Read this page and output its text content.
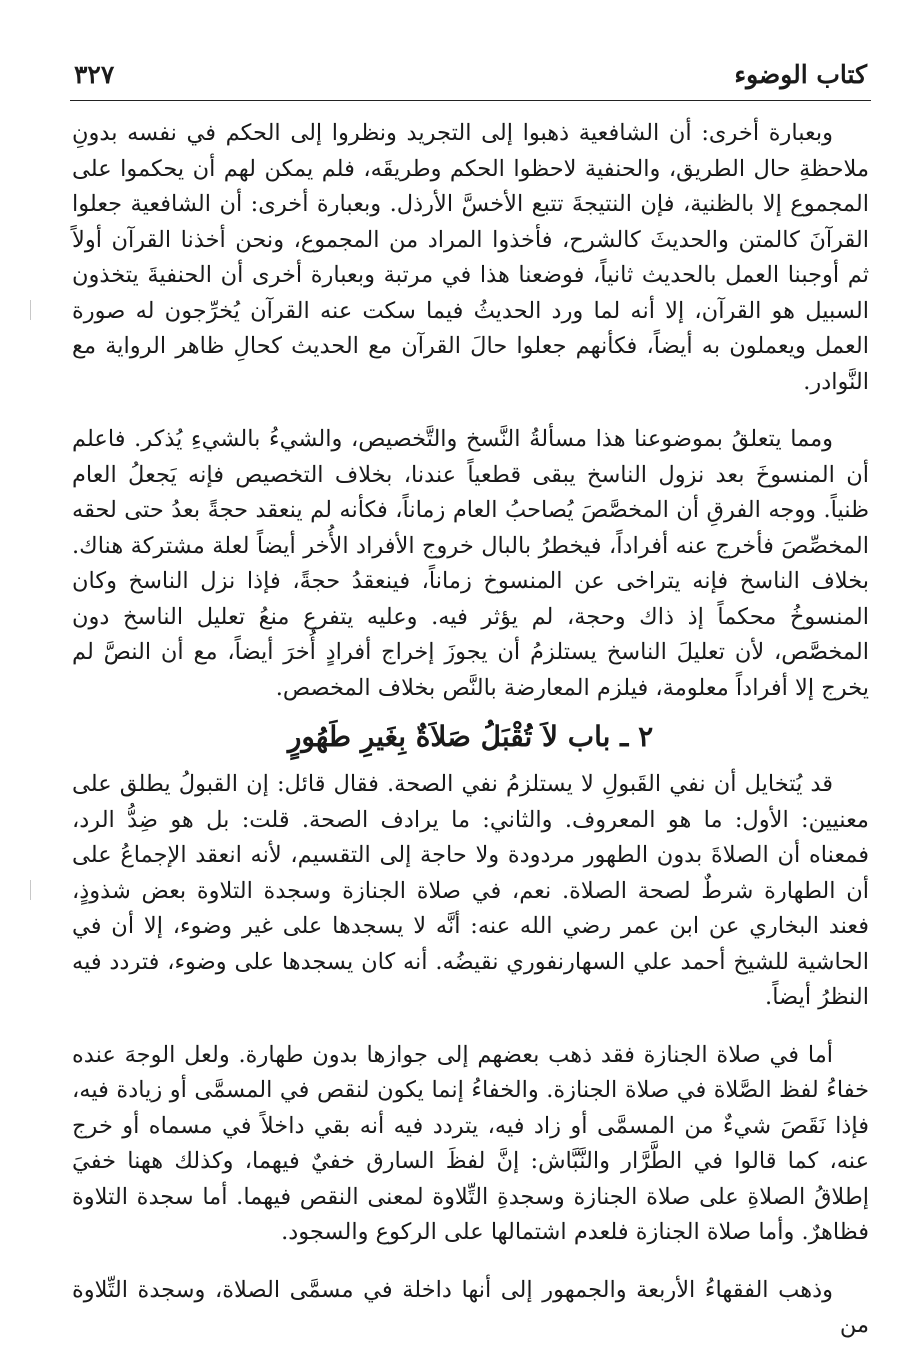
كتاب الوضوء
٣٢٧

وبعبارة أخرى: أن الشافعية ذهبوا إلى التجريد ونظروا إلى الحكم في نفسه بدونِ ملاحظةِ حال الطريق، والحنفية لاحظوا الحكم وطريقَه، فلم يمكن لهم أن يحكموا على المجموع إلا بالظنية، فإن النتيجةَ تتبع الأخسَّ الأرذل. وبعبارة أخرى: أن الشافعية جعلوا القرآنَ كالمتن والحديثَ كالشرح، فأخذوا المراد من المجموع، ونحن أخذنا القرآن أولاً ثم أوجبنا العمل بالحديث ثانياً، فوضعنا هذا في مرتبة وبعبارة أخرى أن الحنفيةَ يتخذون السبيل هو القرآن، إلا أنه لما ورد الحديثُ فيما سكت عنه القرآن يُخرِّجون له صورة العمل ويعملون به أيضاً، فكأنهم جعلوا حالَ القرآن مع الحديث كحالِ ظاهر الرواية مع النَّوادر.

ومما يتعلقُ بموضوعنا هذا مسألةُ النَّسخ والتَّخصيص، والشيءُ بالشيءِ يُذكر. فاعلم أن المنسوخَ بعد نزول الناسخ يبقى قطعياً عندنا، بخلاف التخصيص فإنه يَجعلُ العام ظنياً. ووجه الفرقِ أن المخصَّصَ يُصاحبُ العام زماناً، فكأنه لم ينعقد حجةً بعدُ حتى لحقه المخصِّصَ فأخرج عنه أفراداً، فيخطرُ بالبال خروج الأفراد الأُخر أيضاً لعلة مشتركة هناك. بخلاف الناسخ فإنه يتراخى عن المنسوخ زماناً، فينعقدُ حجةً، فإذا نزل الناسخ وكان المنسوخُ محكماً إذ ذاك وحجة، لم يؤثر فيه. وعليه يتفرع منعُ تعليل الناسخ دون المخصَّص، لأن تعليلَ الناسخ يستلزمُ أن يجوزَ إخراج أفرادٍ أُخرَ أيضاً، مع أن النصَّ لم يخرج إلا أفراداً معلومة، فيلزم المعارضة بالنَّص بخلاف المخصص.

٢ ـ باب لاَ تُقْبَلُ صَلاَةٌ بِغَيرِ طَهُورٍ

قد يُتخايل أن نفي القَبولِ لا يستلزمُ نفي الصحة. فقال قائل: إن القبولُ يطلق على معنيين: الأول: ما هو المعروف. والثاني: ما يرادف الصحة. قلت: بل هو ضِدُّ الرد، فمعناه أن الصلاةَ بدون الطهور مردودة ولا حاجة إلى التقسيم، لأنه انعقد الإجماعُ على أن الطهارة شرطٌ لصحة الصلاة. نعم، في صلاة الجنازة وسجدة التلاوة بعض شذوذٍ، فعند البخاري عن ابن عمر رضي الله عنه: أنَّه لا يسجدها على غير وضوء، إلا أن في الحاشية للشيخ أحمد علي السهارنفوري نقيضُه. أنه كان يسجدها على وضوء، فتردد فيه النظرُ أيضاً.

أما في صلاة الجنازة فقد ذهب بعضهم إلى جوازها بدون طهارة. ولعل الوجهَ عنده خفاءُ لفظ الصَّلاة في صلاة الجنازة. والخفاءُ إنما يكون لنقص في المسمَّى أو زيادة فيه، فإذا نَقَصَ شيءٌ من المسمَّى أو زاد فيه، يتردد فيه أنه بقي داخلاً في مسماه أو خرج عنه، كما قالوا في الطَّرَّار والنَّبَّاش: إنَّ لفظَ السارق خفيٌ فيهما، وكذلك ههنا خفيَ إطلاقُ الصلاةِ على صلاة الجنازة وسجدةِ التِّلاوة لمعنى النقص فيهما. أما سجدة التلاوة فظاهرٌ. وأما صلاة الجنازة فلعدم اشتمالها على الركوع والسجود.

وذهب الفقهاءُ الأربعة والجمهور إلى أنها داخلة في مسمَّى الصلاة، وسجدة التِّلاوة من
